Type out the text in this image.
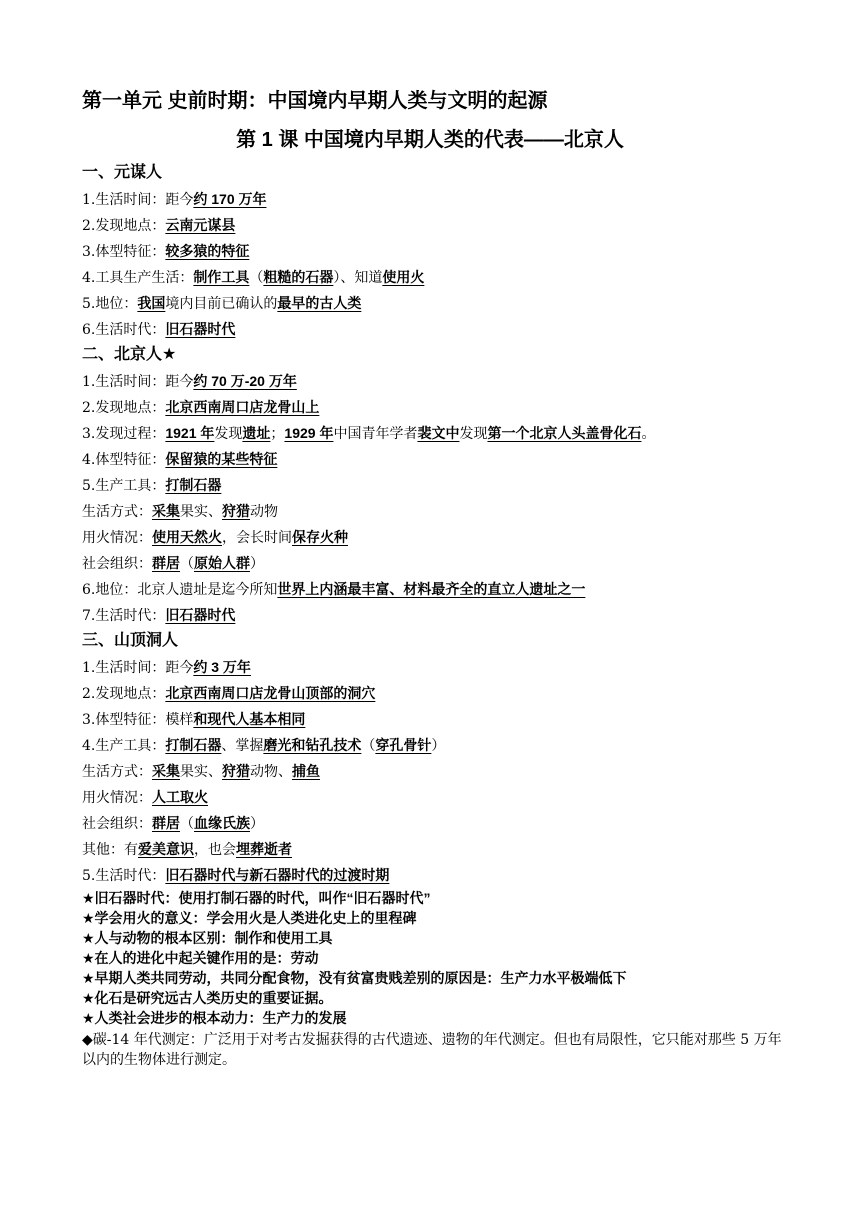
第一单元 史前时期：中国境内早期人类与文明的起源
第 1 课 中国境内早期人类的代表——北京人
一、元谋人
1.生活时间：距今约 170 万年
2.发现地点：云南元谋县
3.体型特征：较多猿的特征
4.工具生产生活：制作工具（粗糙的石器）、知道使用火
5.地位：我国境内目前已确认的最早的古人类
6.生活时代：旧石器时代
二、北京人★
1.生活时间：距今约 70 万-20 万年
2.发现地点：北京西南周口店龙骨山上
3.发现过程：1921 年发现遗址；1929 年中国青年学者裴文中发现第一个北京人头盖骨化石。
4.体型特征：保留猿的某些特征
5.生产工具：打制石器
生活方式：采集果实、狩猎动物
用火情况：使用天然火，会长时间保存火种
社会组织：群居（原始人群）
6.地位：北京人遗址是迄今所知世界上内涵最丰富、材料最齐全的直立人遗址之一
7.生活时代：旧石器时代
三、山顶洞人
1.生活时间：距今约 3 万年
2.发现地点：北京西南周口店龙骨山顶部的洞穴
3.体型特征：模样和现代人基本相同
4.生产工具：打制石器、掌握磨光和钻孔技术（穿孔骨针）
生活方式：采集果实、狩猎动物、捕鱼
用火情况：人工取火
社会组织：群居（血缘氏族）
其他：有爱美意识，也会埋葬逝者
5.生活时代：旧石器时代与新石器时代的过渡时期
★旧石器时代：使用打制石器的时代，叫作“旧石器时代”
★学会用火的意义：学会用火是人类进化史上的里程碑
★人与动物的根本区别：制作和使用工具
★在人的进化中起关键作用的是：劳动
★早期人类共同劳动，共同分配食物，没有贫富贵贱差别的原因是：生产力水平极端低下
★化石是研究远古人类历史的重要证据。
★人类社会进步的根本动力：生产力的发展
◆碳-14 年代测定：广泛用于对考古发掘获得的古代遗迹、遗物的年代测定。但也有局限性，它只能对那些 5 万年以内的生物体进行测定。
